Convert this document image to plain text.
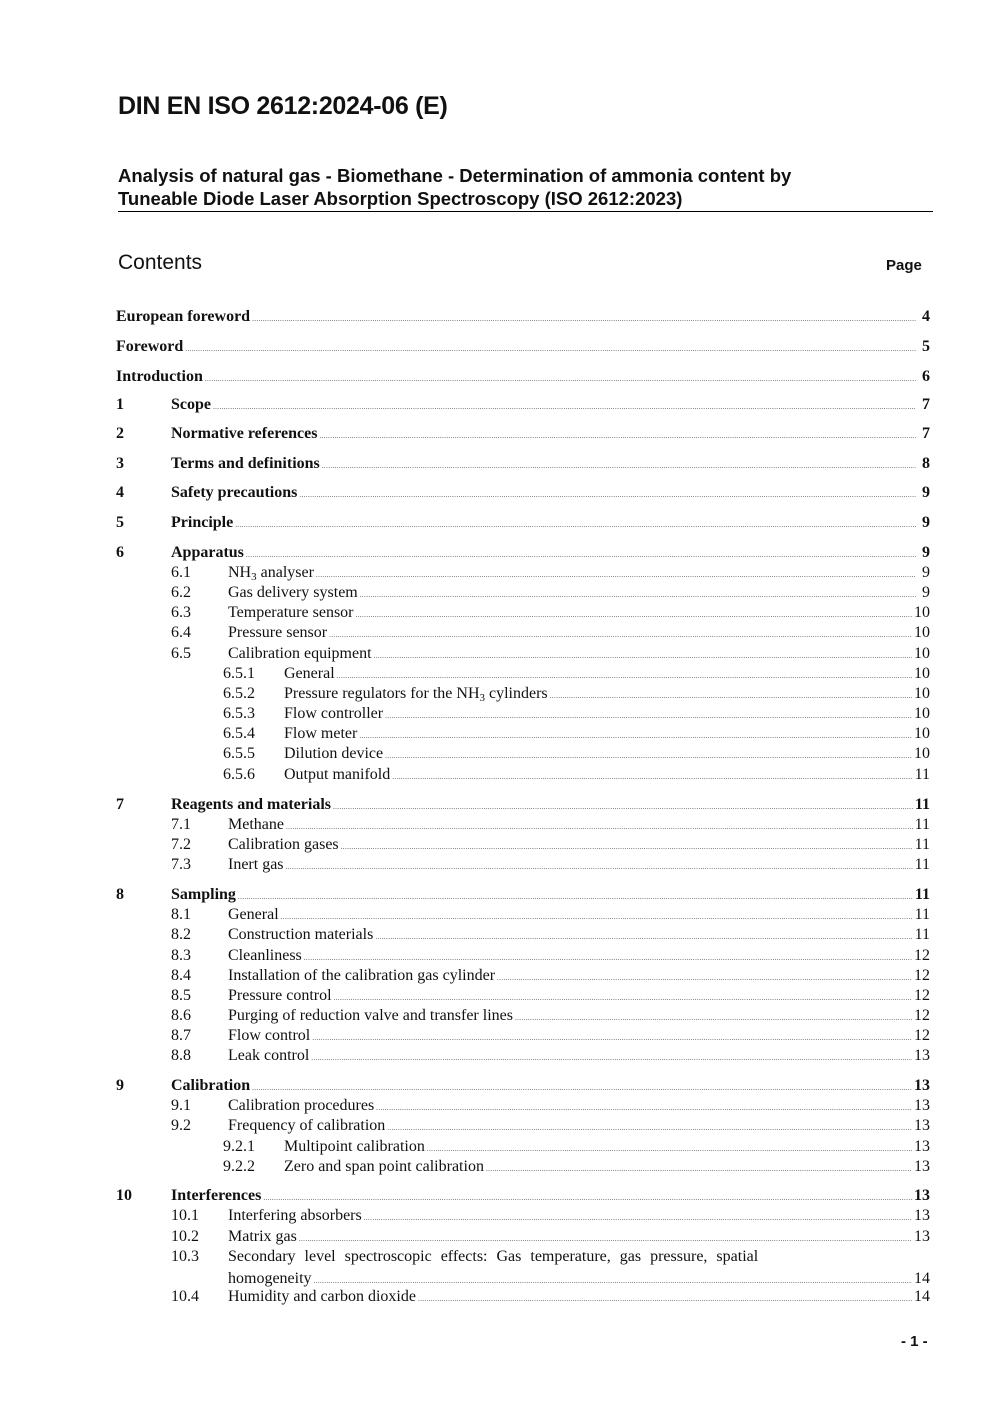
DIN EN ISO 2612:2024-06 (E)
Analysis of natural gas - Biomethane - Determination of ammonia content by
Tuneable Diode Laser Absorption Spectroscopy (ISO 2612:2023)
Contents	Page
European foreword .....	4
Foreword .....	5
Introduction .....	6
1	Scope .....	7
2	Normative references .....	7
3	Terms and definitions .....	8
4	Safety precautions .....	9
5	Principle .....	9
6	Apparatus .....	9
6.1 $NH_3$ analyser .....	9
6.2 Gas delivery system .....	9
6.3 Temperature sensor .....	10
6.4 Pressure sensor .....	10
6.5 Calibration equipment .....	10
6.5.1 General .....	10
6.5.2 Pressure regulators for the $NH_3$ cylinders .....	10
6.5.3 Flow controller .....	10
6.5.4 Flow meter .....	10
6.5.5 Dilution device .....	10
6.5.6 Output manifold .....	11
7	Reagents and materials .....	11
7.1 Methane .....	11
7.2 Calibration gases .....	11
7.3 Inert gas .....	11
8	Sampling .....	11
8.1 General .....	11
8.2 Construction materials .....	11
8.3 Cleanliness .....	12
8.4 Installation of the calibration gas cylinder .....	12
8.5 Pressure control .....	12
8.6 Purging of reduction valve and transfer lines .....	12
8.7 Flow control .....	12
8.8 Leak control .....	13
9	Calibration .....	13
9.1 Calibration procedures .....	13
9.2 Frequency of calibration .....	13
9.2.1 Multipoint calibration .....	13
9.2.2 Zero and span point calibration .....	13
10 Interferences .....	13
10.1 Interfering absorbers .....	13
10.2 Matrix gas .....	13
10.3 Secondary level spectroscopic effects: Gas temperature, gas pressure, spatial
homogeneity .....	14
10.4 Humidity and carbon dioxide .....	14
- 1 -
